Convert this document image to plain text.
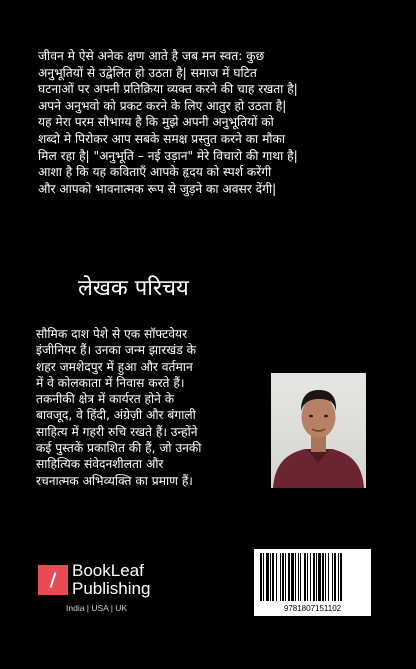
जीवन मे ऐसे अनेक क्षण आते है जब मन स्वत: कुछ
अनुभूतियों से उद्वेलित हो उठता है| समाज में घटित
घटनाओं पर अपनी प्रतिक्रिया व्यक्त करने की चाह रखता है|
अपने अनुभवो को प्रकट करने के लिए आतुर हो उठता है|
यह मेरा परम सौभाग्य है कि मुझे अपनी अनुभूतियों को
शब्दो मे पिरोकर आप सबके समक्ष प्रस्तुत करने का मौका
मिल रहा है| "अनुभूति – नई उड़ान" मेरे विचारो की गाथा है|
आशा है कि यह कविताएँ आपके हृदय को स्पर्श करेंगी
और आपको भावनात्मक रूप से जुड़ने का अवसर देंगी|
लेखक परिचय
सौमिक दाश पेशे से एक सॉफ्टवेयर
इंजीनियर हैं। उनका जन्म झारखंड के
शहर जमशेदपुर में हुआ और वर्तमान
में वे कोलकाता में निवास करते हैं।
तकनीकी क्षेत्र में कार्यरत होने के
बावजूद, वे हिंदी, अंग्रेज़ी और बंगाली
साहित्य में गहरी रुचि रखते हैं। उन्होंने
कई पुस्तकें प्रकाशित की हैं, जो उनकी
साहित्यिक संवेदनशीलता और
रचनात्मक अभिव्यक्ति का प्रमाण हैं।
BookLeaf
Publishing
India | USA | UK	9781807151102
